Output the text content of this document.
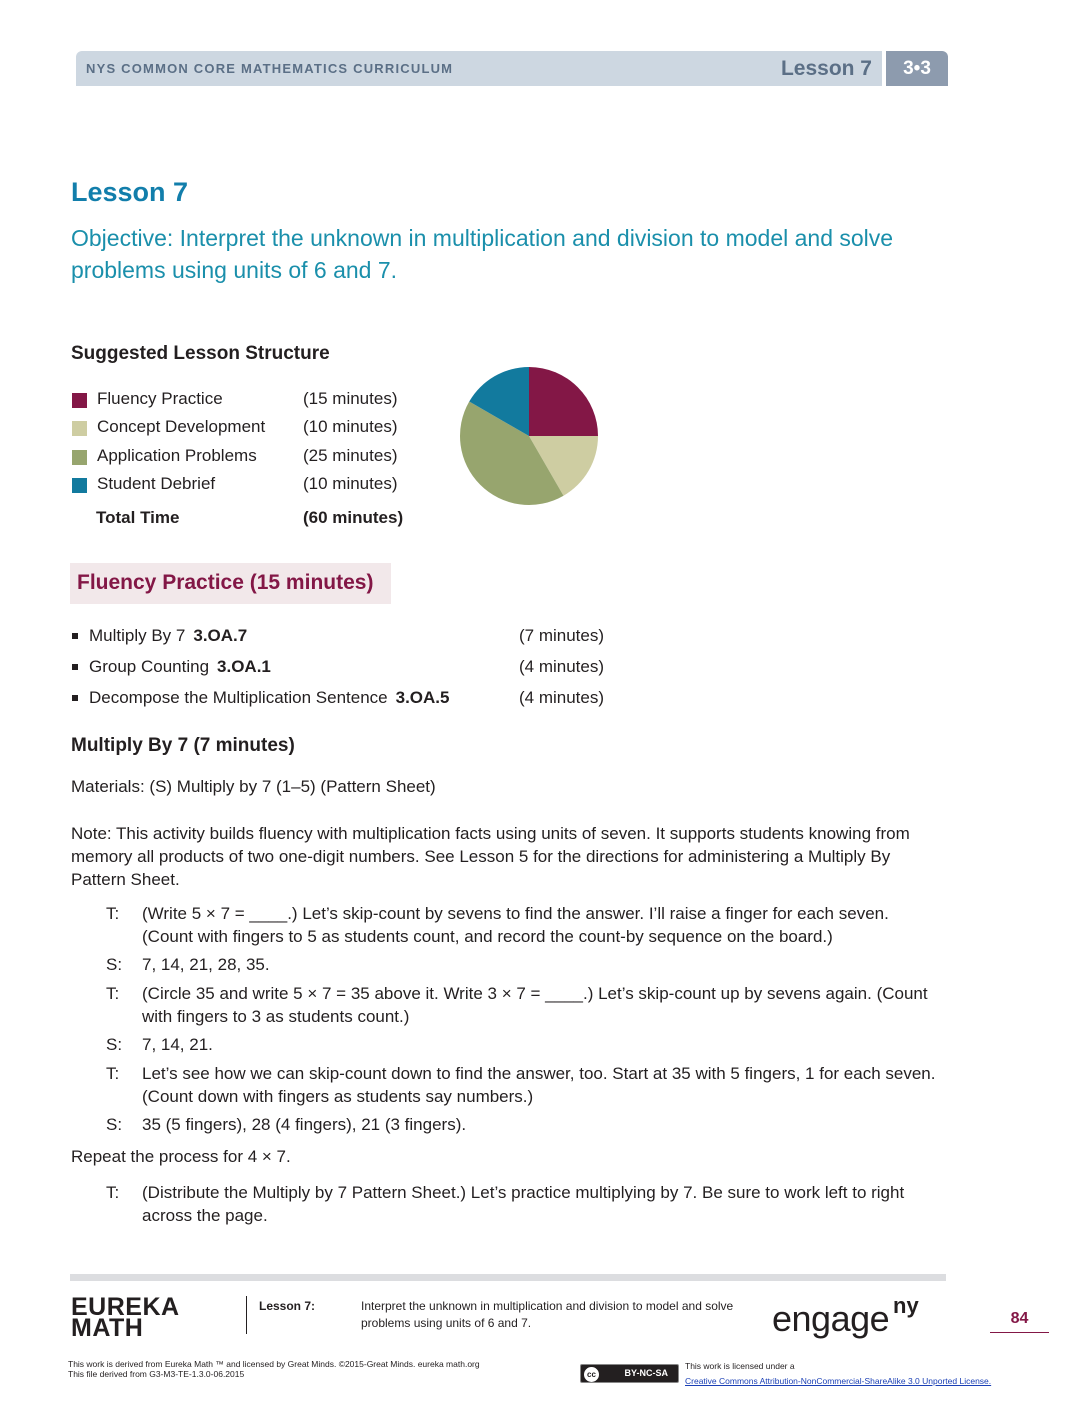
NYS COMMON CORE MATHEMATICS CURRICULUM	Lesson 7	3•3
Lesson 7
Objective: Interpret the unknown in multiplication and division to model and solve problems using units of 6 and 7.
Suggested Lesson Structure
Fluency Practice	(15 minutes)
Concept Development (10 minutes)
Application Problems	(25 minutes)
Student Debrief	(10 minutes)
Total Time	(60 minutes)
Fluency Practice (15 minutes)
Multiply By 7 3.OA.7	(7 minutes)
Group Counting 3.OA.1	(4 minutes)
Decompose the Multiplication Sentence 3.OA.5	(4 minutes)
Multiply By 7 (7 minutes)
Materials: (S) Multiply by 7 (1–5) (Pattern Sheet)
Note: This activity builds fluency with multiplication facts using units of seven. It supports students knowing from memory all products of two one-digit numbers. See Lesson 5 for the directions for administering a Multiply By Pattern Sheet.
T: (Write 5 × 7 = ____.) Let’s skip-count by sevens to find the answer. I’ll raise a finger for each seven. (Count with fingers to 5 as students count, and record the count-by sequence on the board.)
S: 7, 14, 21, 28, 35.
T: (Circle 35 and write 5 × 7 = 35 above it. Write 3 × 7 = ____.) Let’s skip-count up by sevens again. (Count with fingers to 3 as students count.)
S: 7, 14, 21.
T: Let’s see how we can skip-count down to find the answer, too. Start at 35 with 5 fingers, 1 for each seven. (Count down with fingers as students say numbers.)
S: 35 (5 fingers), 28 (4 fingers), 21 (3 fingers).
Repeat the process for 4 × 7.
T: (Distribute the Multiply by 7 Pattern Sheet.) Let’s practice multiplying by 7. Be sure to work left to right across the page.
EUREKA
MATH
Lesson 7:	Interpret the unknown in multiplication and division to model and solve problems using units of 6 and 7.	engage ny
84
This work is derived from Eureka Math ™ and licensed by Great Minds. ©2015-Great Minds. eureka math.org
This file derived from G3-M3-TE-1.3.0-06.2015	cc	BY-NC-SA
This work is licensed under a
Creative Commons Attribution-NonCommercial-ShareAlike 3.0 Unported License.
